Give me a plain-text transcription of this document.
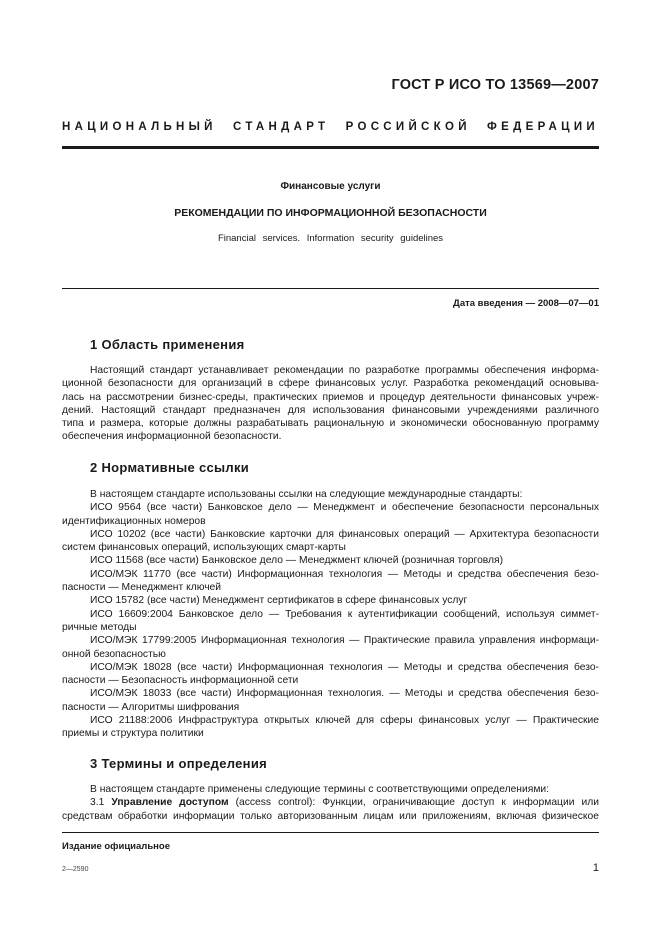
ГОСТ Р ИСО ТО 13569—2007
НАЦИОНАЛЬНЫЙ СТАНДАРТ РОССИЙСКОЙ ФЕДЕРАЦИИ
Финансовые услуги
РЕКОМЕНДАЦИИ ПО ИНФОРМАЦИОННОЙ БЕЗОПАСНОСТИ
Financial services. Information security guidelines
Дата введения — 2008—07—01
1 Область применения
Настоящий стандарт устанавливает рекомендации по разработке программы обеспечения информа-
ционной безопасности для организаций в сфере финансовых услуг. Разработка рекомендаций основыва-
лась на рассмотрении бизнес-среды, практических приемов и процедур деятельности финансовых учреж-
дений. Настоящий стандарт предназначен для использования финансовыми учреждениями различного
типа и размера, которые должны разрабатывать рациональную и экономически обоснованную программу
обеспечения информационной безопасности.
2 Нормативные ссылки
В настоящем стандарте использованы ссылки на следующие международные стандарты:
ИСО 9564 (все части) Банковское дело — Менеджмент и обеспечение безопасности персональных
идентификационных номеров
ИСО 10202 (все части) Банковские карточки для финансовых операций — Архитектура безопасности
систем финансовых операций, использующих смарт-карты
ИСО 11568 (все части) Банковское дело — Менеджмент ключей (розничная торговля)
ИСО/МЭК 11770 (все части) Информационная технология — Методы и средства обеспечения безо-
пасности — Менеджмент ключей
ИСО 15782 (все части) Менеджмент сертификатов в сфере финансовых услуг
ИСО 16609:2004 Банковское дело — Требования к аутентификации сообщений, используя симмет-
ричные методы
ИСО/МЭК 17799:2005 Информационная технология — Практические правила управления информаци-
онной безопасностью
ИСО/МЭК 18028 (все части) Информационная технология — Методы и средства обеспечения безо-
пасности — Безопасность информационной сети
ИСО/МЭК 18033 (все части) Информационная технология. — Методы и средства обеспечения безо-
пасности — Алгоритмы шифрования
ИСО 21188:2006 Инфраструктура открытых ключей для сферы финансовых услуг — Практические
приемы и структура политики
3 Термины и определения
В настоящем стандарте применены следующие термины с соответствующими определениями:
3.1 Управление доступом (access control): Функции, ограничивающие доступ к информации или
средствам обработки информации только авторизованным лицам или приложениям, включая физическое
Издание официальное
2—2590	1
